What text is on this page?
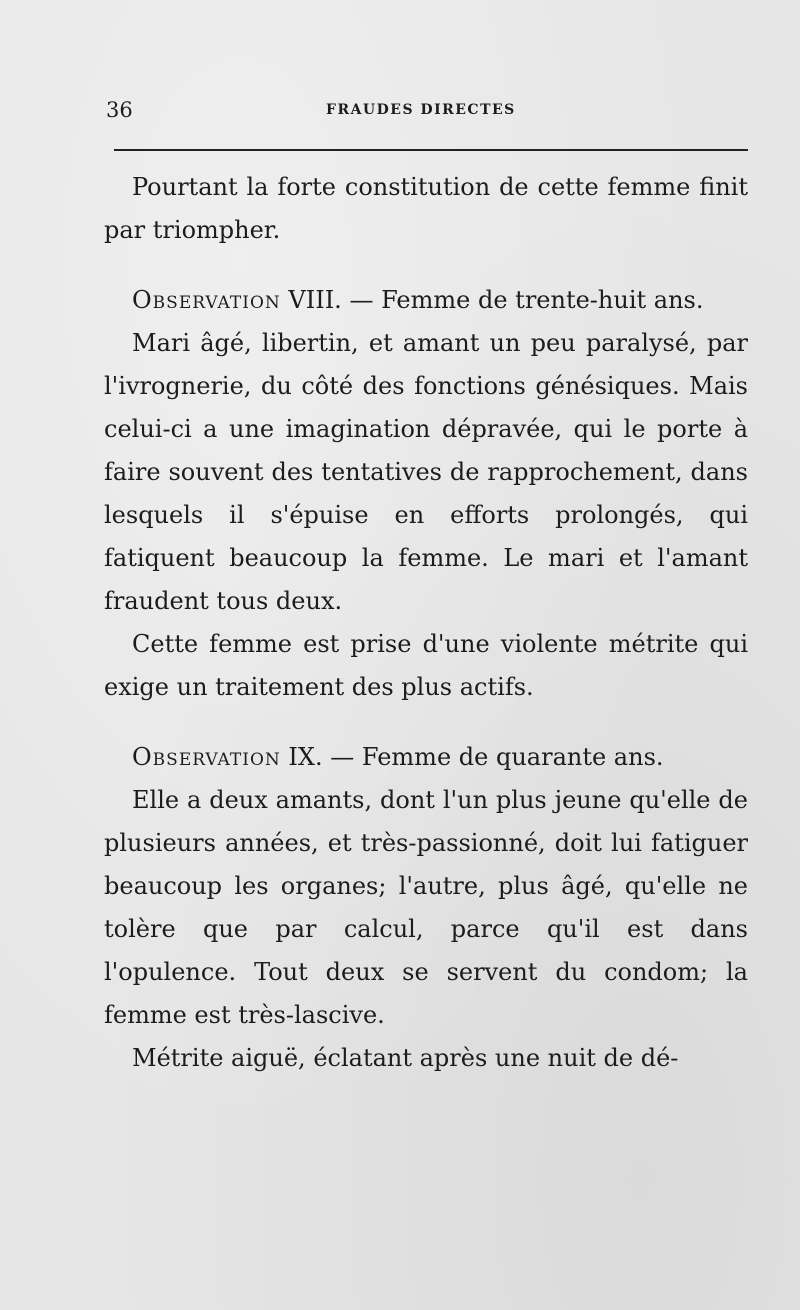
36	FRAUDES DIRECTES

Pourtant la forte constitution de cette femme finit par triompher.

Observation VIII. — Femme de trente-huit ans.

Mari âgé, libertin, et amant un peu paralysé, par l'ivrognerie, du côté des fonctions génésiques. Mais celui-ci a une imagination dépravée, qui le porte à faire souvent des tentatives de rapprochement, dans lesquels il s'épuise en efforts prolongés, qui fatiquent beaucoup la femme. Le mari et l'amant fraudent tous deux.

Cette femme est prise d'une violente métrite qui exige un traitement des plus actifs.

Observation IX. — Femme de quarante ans.

Elle a deux amants, dont l'un plus jeune qu'elle de plusieurs années, et très-passionné, doit lui fatiguer beaucoup les organes; l'autre, plus âgé, qu'elle ne tolère que par calcul, parce qu'il est dans l'opulence. Tout deux se servent du condom; la femme est très-lascive.

Métrite aiguë, éclatant après une nuit de dé-
